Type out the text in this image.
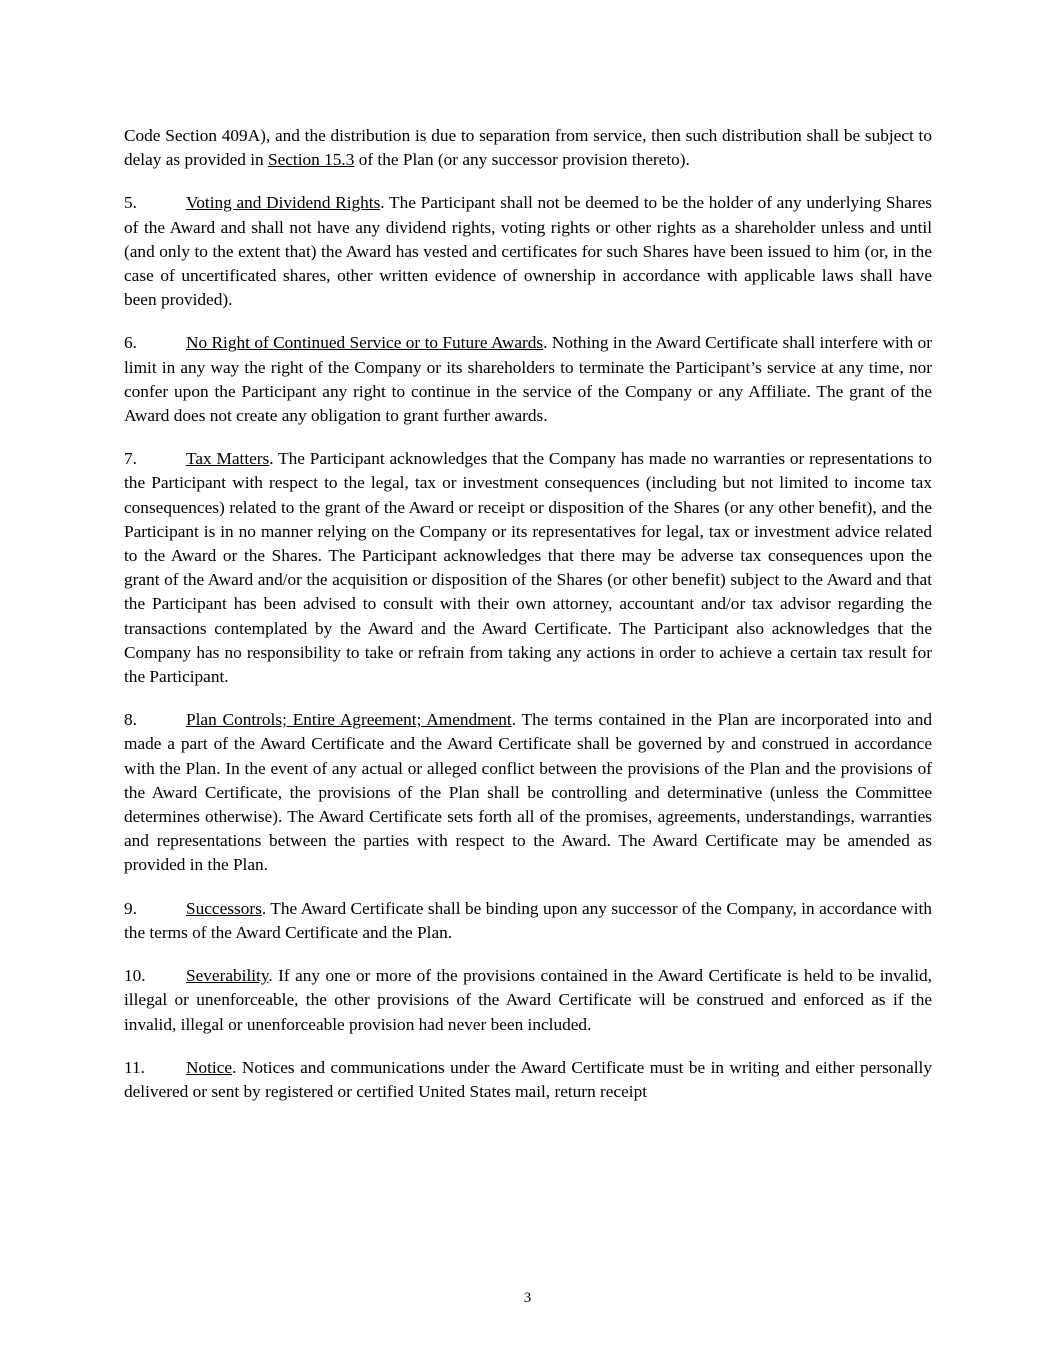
Code Section 409A), and the distribution is due to separation from service, then such distribution shall be subject to delay as provided in Section 15.3 of the Plan (or any successor provision thereto).

5.	Voting and Dividend Rights. The Participant shall not be deemed to be the holder of any underlying Shares of the Award and shall not have any dividend rights, voting rights or other rights as a shareholder unless and until (and only to the extent that) the Award has vested and certificates for such Shares have been issued to him (or, in the case of uncertificated shares, other written evidence of ownership in accordance with applicable laws shall have been provided).

6.	No Right of Continued Service or to Future Awards. Nothing in the Award Certificate shall interfere with or limit in any way the right of the Company or its shareholders to terminate the Participant’s service at any time, nor confer upon the Participant any right to continue in the service of the Company or any Affiliate. The grant of the Award does not create any obligation to grant further awards.

7.	Tax Matters. The Participant acknowledges that the Company has made no warranties or representations to the Participant with respect to the legal, tax or investment consequences (including but not limited to income tax consequences) related to the grant of the Award or receipt or disposition of the Shares (or any other benefit), and the Participant is in no manner relying on the Company or its representatives for legal, tax or investment advice related to the Award or the Shares. The Participant acknowledges that there may be adverse tax consequences upon the grant of the Award and/or the acquisition or disposition of the Shares (or other benefit) subject to the Award and that the Participant has been advised to consult with their own attorney, accountant and/or tax advisor regarding the transactions contemplated by the Award and the Award Certificate. The Participant also acknowledges that the Company has no responsibility to take or refrain from taking any actions in order to achieve a certain tax result for the Participant.

8.	Plan Controls; Entire Agreement; Amendment. The terms contained in the Plan are incorporated into and made a part of the Award Certificate and the Award Certificate shall be governed by and construed in accordance with the Plan. In the event of any actual or alleged conflict between the provisions of the Plan and the provisions of the Award Certificate, the provisions of the Plan shall be controlling and determinative (unless the Committee determines otherwise). The Award Certificate sets forth all of the promises, agreements, understandings, warranties and representations between the parties with respect to the Award. The Award Certificate may be amended as provided in the Plan.

9.	Successors. The Award Certificate shall be binding upon any successor of the Company, in accordance with the terms of the Award Certificate and the Plan.

10. Severability. If any one or more of the provisions contained in the Award Certificate is held to be invalid, illegal or unenforceable, the other provisions of the Award Certificate will be construed and enforced as if the invalid, illegal or unenforceable provision had never been included.

11. Notice. Notices and communications under the Award Certificate must be in writing and either personally delivered or sent by registered or certified United States mail, return receipt

3
